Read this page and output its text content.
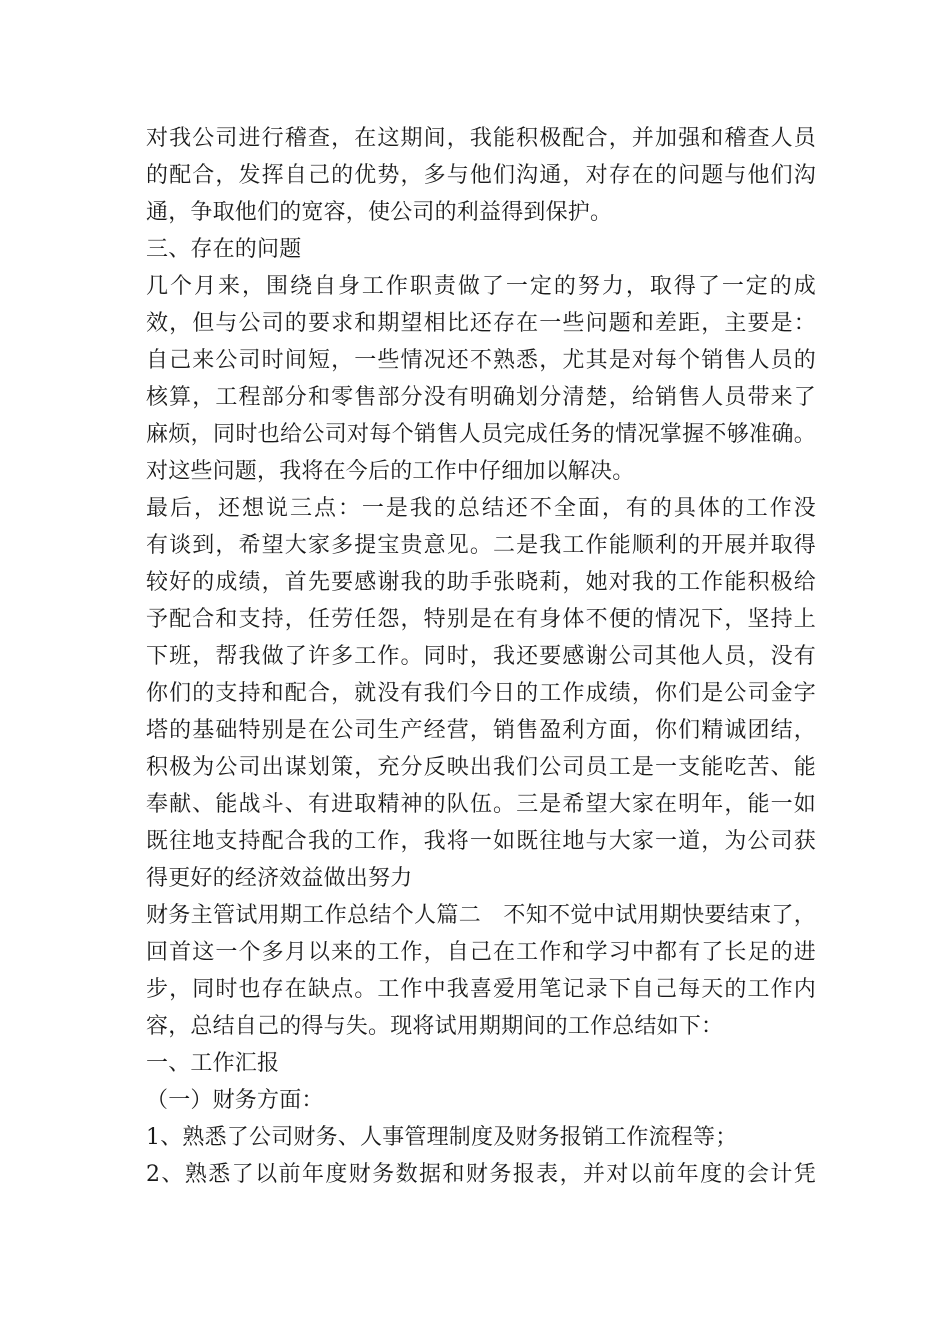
对我公司进行稽查，在这期间，我能积极配合，并加强和稽查人员
的配合，发挥自己的优势，多与他们沟通，对存在的问题与他们沟
通，争取他们的宽容，使公司的利益得到保护。
三、存在的问题
几个月来，围绕自身工作职责做了一定的努力，取得了一定的成
效，但与公司的要求和期望相比还存在一些问题和差距，主要是：
自己来公司时间短，一些情况还不熟悉，尤其是对每个销售人员的
核算，工程部分和零售部分没有明确划分清楚，给销售人员带来了
麻烦，同时也给公司对每个销售人员完成任务的情况掌握不够准确。
对这些问题，我将在今后的工作中仔细加以解决。
最后，还想说三点：一是我的总结还不全面，有的具体的工作没
有谈到，希望大家多提宝贵意见。二是我工作能顺利的开展并取得
较好的成绩，首先要感谢我的助手张晓莉，她对我的工作能积极给
予配合和支持，任劳任怨，特别是在有身体不便的情况下，坚持上
下班，帮我做了许多工作。同时，我还要感谢公司其他人员，没有
你们的支持和配合，就没有我们今日的工作成绩，你们是公司金字
塔的基础特别是在公司生产经营，销售盈利方面，你们精诚团结，
积极为公司出谋划策，充分反映出我们公司员工是一支能吃苦、能
奉献、能战斗、有进取精神的队伍。三是希望大家在明年，能一如
既往地支持配合我的工作，我将一如既往地与大家一道，为公司获
得更好的经济效益做出努力
财务主管试用期工作总结个人篇二　不知不觉中试用期快要结束了，
回首这一个多月以来的工作，自己在工作和学习中都有了长足的进
步，同时也存在缺点。工作中我喜爱用笔记录下自己每天的工作内
容，总结自己的得与失。现将试用期期间的工作总结如下：
一、工作汇报
（一）财务方面：
1、熟悉了公司财务、人事管理制度及财务报销工作流程等；
2、熟悉了以前年度财务数据和财务报表，并对以前年度的会计凭
